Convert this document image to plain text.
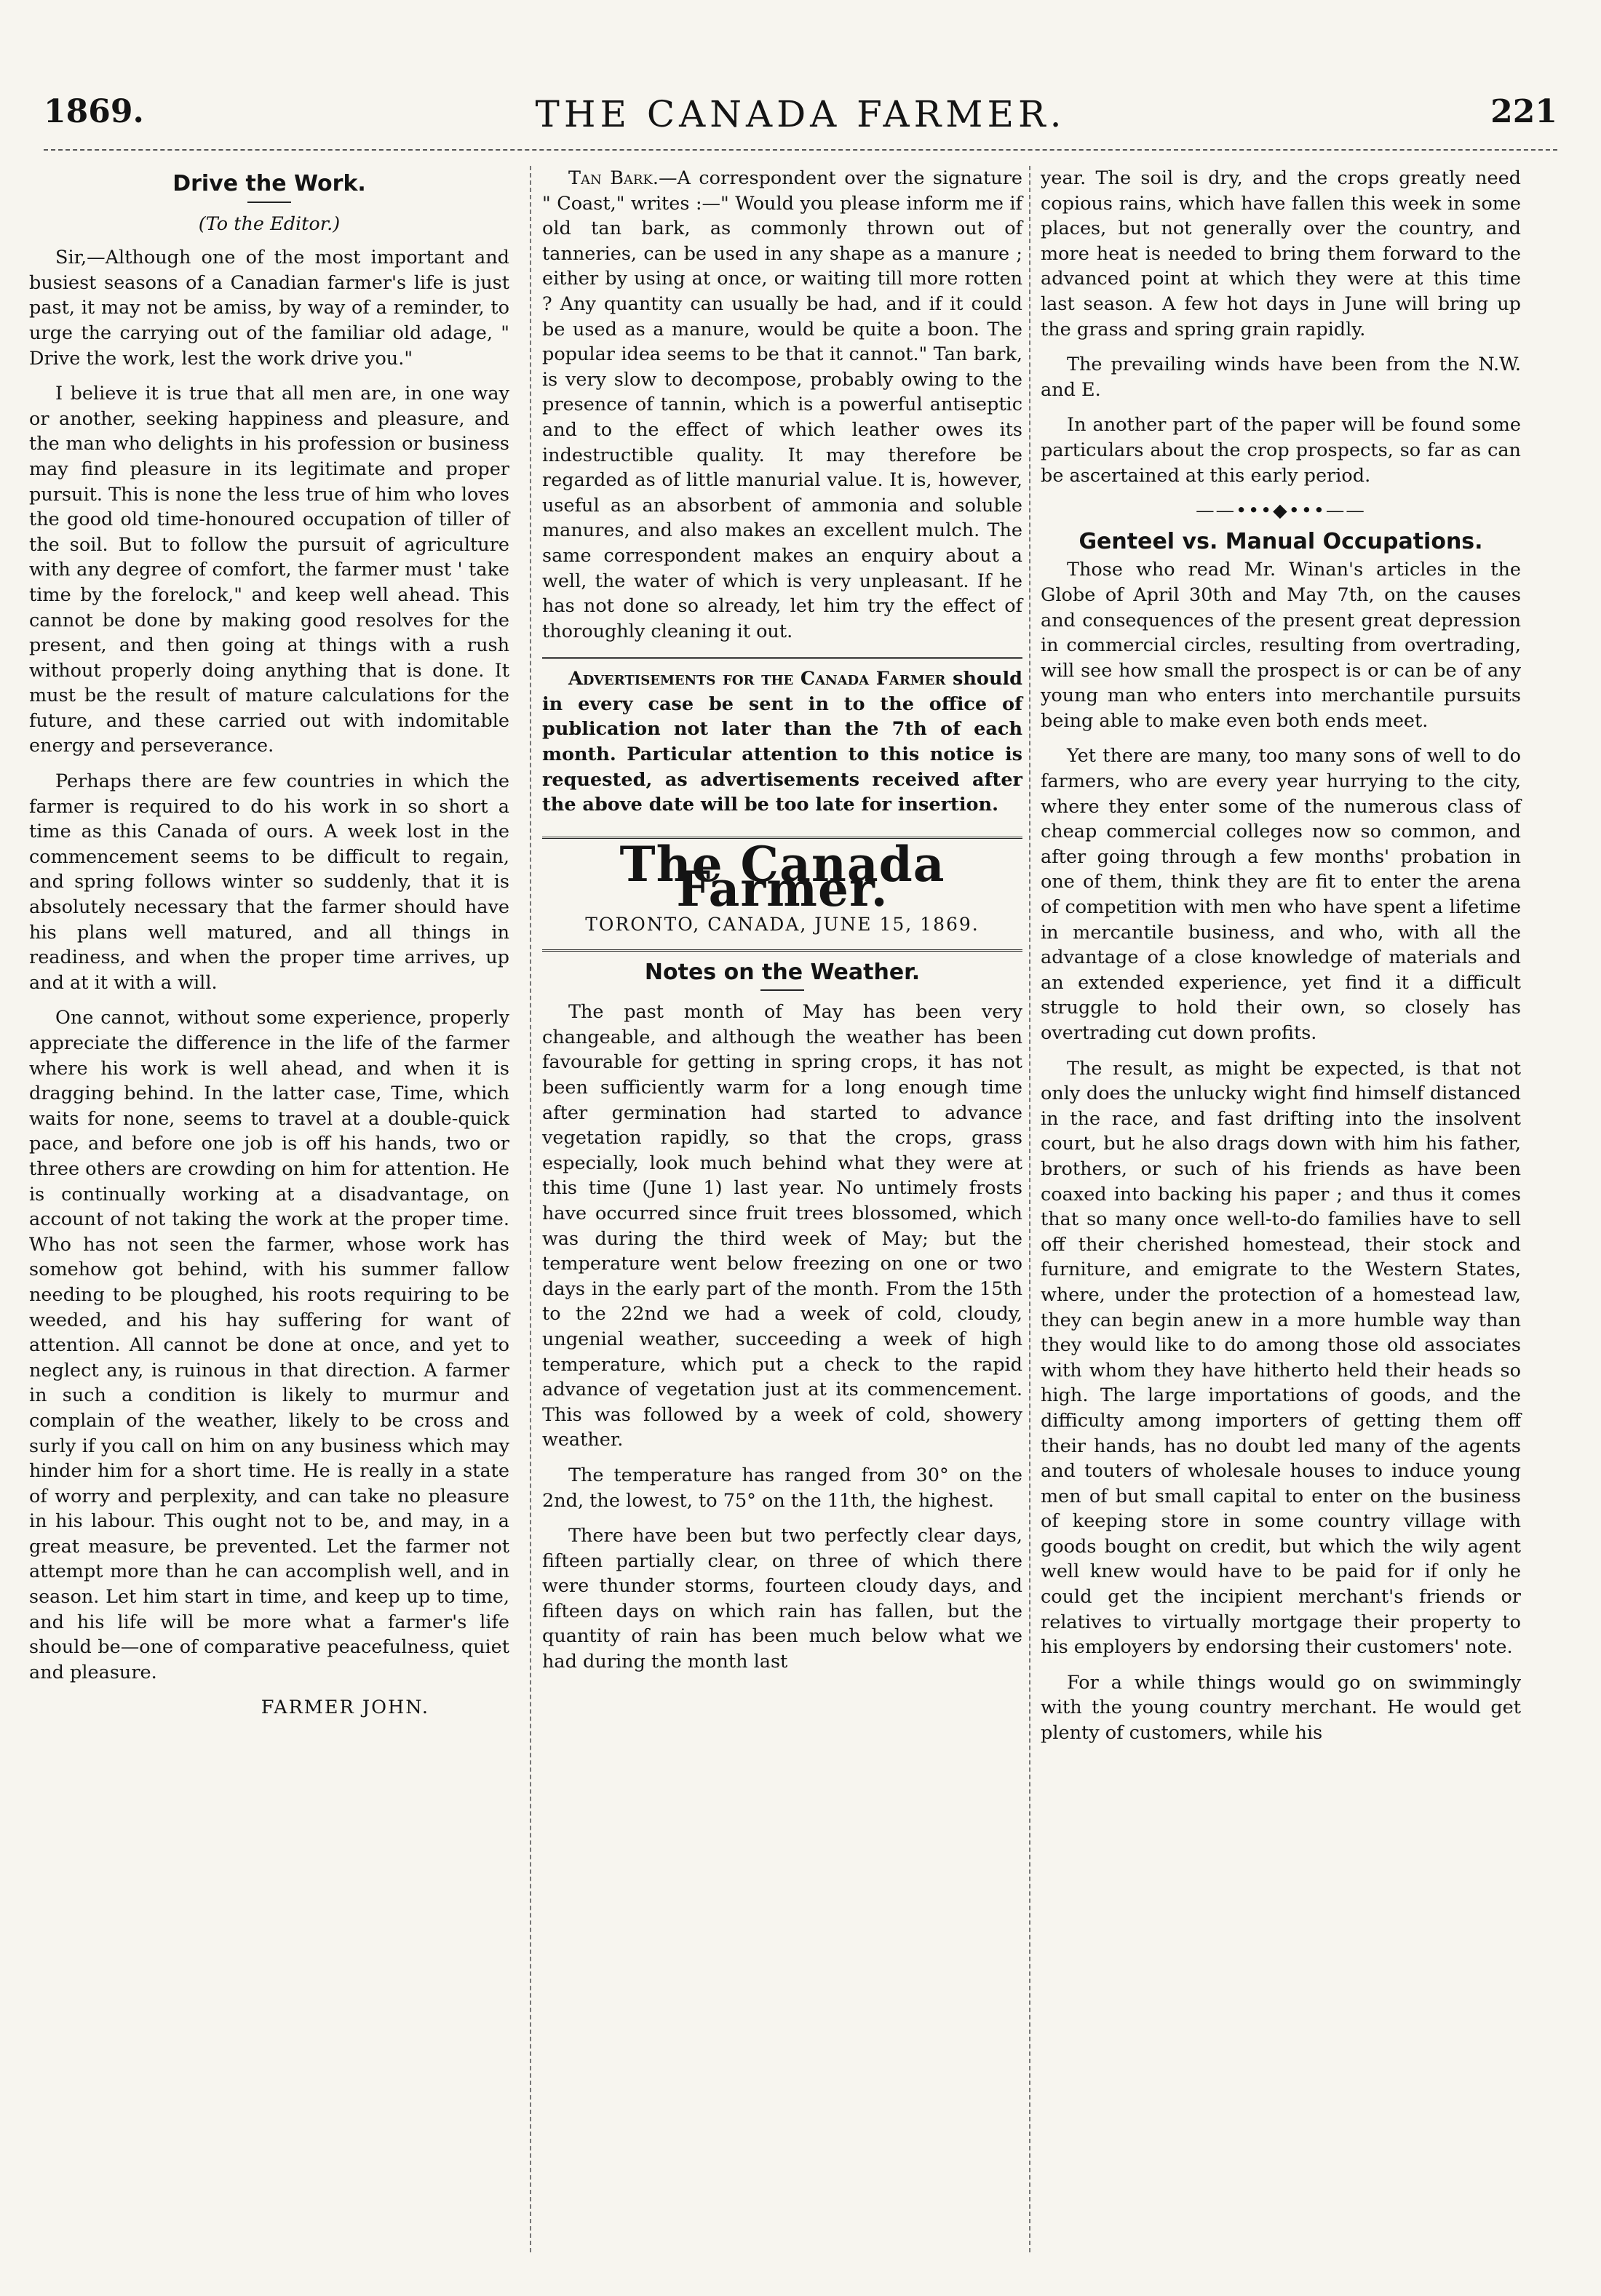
1869.	THE CANADA FARMER.	221
Drive the Work.
(To the Editor.)

Sir,—Although one of the most important and busiest seasons of a Canadian farmer's life is just past, it may not be amiss, by way of a reminder, to urge the carrying out of the familiar old adage, " Drive the work, lest the work drive you."

I believe it is true that all men are, in one way or another, seeking happiness and pleasure, and the man who delights in his profession or business may find pleasure in its legitimate and proper pursuit. This is none the less true of him who loves the good old time-honoured occupation of tiller of the soil. But to follow the pursuit of agriculture with any degree of comfort, the farmer must ' take time by the forelock," and keep well ahead. This cannot be done by making good resolves for the present, and then going at things with a rush without properly doing anything that is done. It must be the result of mature calculations for the future, and these carried out with indomitable energy and perseverance.

Perhaps there are few countries in which the farmer is required to do his work in so short a time as this Canada of ours. A week lost in the commencement seems to be difficult to regain, and spring follows winter so suddenly, that it is absolutely necessary that the farmer should have his plans well matured, and all things in readiness, and when the proper time arrives, up and at it with a will.

One cannot, without some experience, properly appreciate the difference in the life of the farmer where his work is well ahead, and when it is dragging behind. In the latter case, Time, which waits for none, seems to travel at a double-quick pace, and before one job is off his hands, two or three others are crowding on him for attention. He is continually working at a disadvantage, on account of not taking the work at the proper time. Who has not seen the farmer, whose work has somehow got behind, with his summer fallow needing to be ploughed, his roots requiring to be weeded, and his hay suffering for want of attention. All cannot be done at once, and yet to neglect any, is ruinous in that direction. A farmer in such a condition is likely to murmur and complain of the weather, likely to be cross and surly if you call on him on any business which may hinder him for a short time. He is really in a state of worry and perplexity, and can take no pleasure in his labour. This ought not to be, and may, in a great measure, be prevented. Let the farmer not attempt more than he can accomplish well, and in season. Let him start in time, and keep up to time, and his life will be more what a farmer's life should be—one of comparative peacefulness, quiet and pleasure.

FARMER JOHN.

Tan Bark.—A correspondent over the signature " Coast," writes :—" Would you please inform me if old tan bark, as commonly thrown out of tanneries, can be used in any shape as a manure ; either by using at once, or waiting till more rotten ? Any quantity can usually be had, and if it could be used as a manure, would be quite a boon. The popular idea seems to be that it cannot." Tan bark, is very slow to decompose, probably owing to the presence of tannin, which is a powerful antiseptic and to the effect of which leather owes its indestructible quality. It may therefore be regarded as of little manurial value. It is, however, useful as an absorbent of ammonia and soluble manures, and also makes an excellent mulch. The same correspondent makes an enquiry about a well, the water of which is very unpleasant. If he has not done so already, let him try the effect of thoroughly cleaning it out.

Advertisements for the Canada Farmer should in every case be sent in to the office of publication not later than the 7th of each month. Particular attention to this notice is requested, as advertisements received after the above date will be too late for insertion.

The Canada Farmer.
TORONTO, CANADA, JUNE 15, 1869.
Notes on the Weather.

The past month of May has been very changeable, and although the weather has been favourable for getting in spring crops, it has not been sufficiently warm for a long enough time after germination had started to advance vegetation rapidly, so that the crops, grass especially, look much behind what they were at this time (June 1) last year. No untimely frosts have occurred since fruit trees blossomed, which was during the third week of May; but the temperature went below freezing on one or two days in the early part of the month. From the 15th to the 22nd we had a week of cold, cloudy, ungenial weather, succeeding a week of high temperature, which put a check to the rapid advance of vegetation just at its commencement. This was followed by a week of cold, showery weather.

The temperature has ranged from 30° on the 2nd, the lowest, to 75° on the 11th, the highest.

There have been but two perfectly clear days, fifteen partially clear, on three of which there were thunder storms, fourteen cloudy days, and fifteen days on which rain has fallen, but the quantity of rain has been much below what we had during the month last

year. The soil is dry, and the crops greatly need copious rains, which have fallen this week in some places, but not generally over the country, and more heat is needed to bring them forward to the advanced point at which they were at this time last season. A few hot days in June will bring up the grass and spring grain rapidly.

The prevailing winds have been from the N.W. and E.

In another part of the paper will be found some particulars about the crop prospects, so far as can be ascertained at this early period.

——•••◆•••——
Genteel vs. Manual Occupations.

Those who read Mr. Winan's articles in the Globe of April 30th and May 7th, on the causes and consequences of the present great depression in commercial circles, resulting from overtrading, will see how small the prospect is or can be of any young man who enters into merchantile pursuits being able to make even both ends meet.

Yet there are many, too many sons of well to do farmers, who are every year hurrying to the city, where they enter some of the numerous class of cheap commercial colleges now so common, and after going through a few months' probation in one of them, think they are fit to enter the arena of competition with men who have spent a lifetime in mercantile business, and who, with all the advantage of a close knowledge of materials and an extended experience, yet find it a difficult struggle to hold their own, so closely has overtrading cut down profits.

The result, as might be expected, is that not only does the unlucky wight find himself distanced in the race, and fast drifting into the insolvent court, but he also drags down with him his father, brothers, or such of his friends as have been coaxed into backing his paper ; and thus it comes that so many once well-to-do families have to sell off their cherished homestead, their stock and furniture, and emigrate to the Western States, where, under the protection of a homestead law, they can begin anew in a more humble way than they would like to do among those old associates with whom they have hitherto held their heads so high. The large importations of goods, and the difficulty among importers of getting them off their hands, has no doubt led many of the agents and touters of wholesale houses to induce young men of but small capital to enter on the business of keeping store in some country village with goods bought on credit, but which the wily agent well knew would have to be paid for if only he could get the incipient merchant's friends or relatives to virtually mortgage their property to his employers by endorsing their customers' note.

For a while things would go on swimmingly with the young country merchant. He would get plenty of customers, while his
